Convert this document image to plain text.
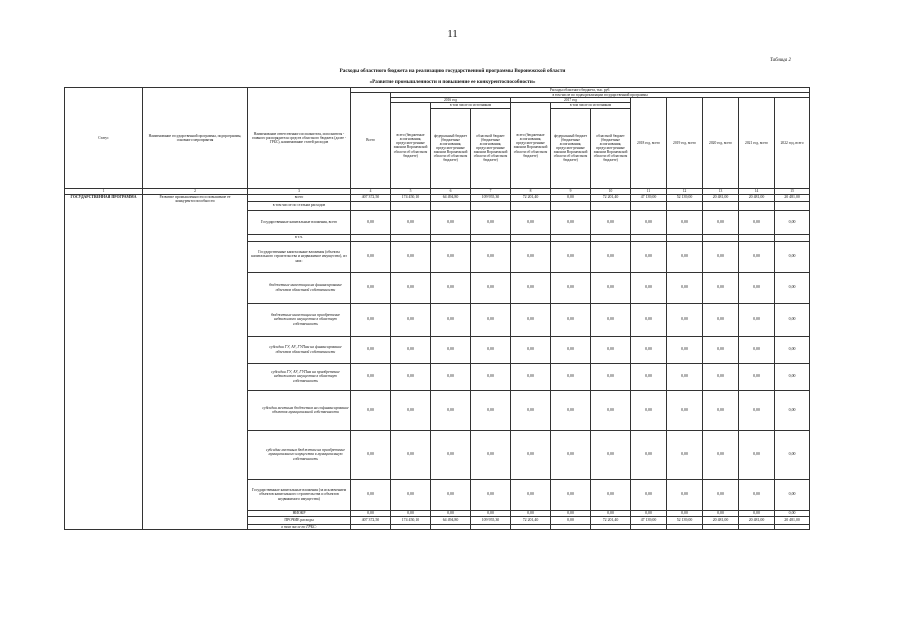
11
Таблица 2
Расходы областного бюджета на реализацию государственной программы Воронежской области
«Развитие промышленности и повышение ее конкурентоспособности»
Статус	Наименование государственной программы, подпрограммы, основного мероприятия	Наименование ответственного исполнителя, исполнителя - главного распорядителя средств областного бюджета (далее - ГРБС), наименование статей расходов	Расходы областного бюджета, тыс. руб.											
			Всего	в том числе по годам реализации государственной программы										
				2016 год			2017 год			2018 год, всего	2019 год, всего	2020 год, всего	2021 год, всего	2022 год, всего
				всего (бюджетные ассигнования, предусмот-ренные законом Воронежской области об областном бюджете)	в том числе по источникам		всего (бюджетные ассигнования, предусмот-ренные законом Воронежской области об областном бюджете)	в том числе по источникам						
					федеральный бюджет (бюджетные ассигнования, предусмот-ренные законом Воронежской области об областном бюджете)	областной бюджет (бюджетные ассигнования, предусмот-ренные законом Воронежской области об областном бюджете)		федеральный бюджет (бюджетные ассигнования, предусмот-ренные законом Воронежской области об областном бюджете)	областной бюджет (бюджетные ассигнования, предусмот-ренные законом Воронежской области об областном бюджете)					
1	2	3	4	5	6	7	8	9	10	11	12	13	14	15
ГОСУДАРСТВЕННАЯ ПРОГРАММА	Развитие промышленности и повышение ее конкурентоспособности	всего	407 372,50	174 450,10	64 494,80	109 955,30	72 201,40	0,00	72 201,40	47 139,00	52 139,00	20 481,00	20 481,00	20 481,00
		в том числе по статьям расходов												
		Государственные капитальные вложения, всего	0,00	0,00	0,00	0,00	0,00	0,00	0,00	0,00	0,00	0,00	0,00	0,00
		в т.ч.												
		Государственные капитальные вложения (объекты капитального строительства и недвижимое имущество), из них:	0,00	0,00	0,00	0,00	0,00	0,00	0,00	0,00	0,00	0,00	0,00	0,00
		бюджетные инвестиции на финансирование объектов областной собственности	0,00	0,00	0,00	0,00	0,00	0,00	0,00	0,00	0,00	0,00	0,00	0,00
		бюджетные инвестиции на приобретение недвижимого имущества в областную собственность	0,00	0,00	0,00	0,00	0,00	0,00	0,00	0,00	0,00	0,00	0,00	0,00
		субсидии ГУ, АУ, ГУПам на финансирование объектов областной собственности	0,00	0,00	0,00	0,00	0,00	0,00	0,00	0,00	0,00	0,00	0,00	0,00
		субсидии ГУ, АУ, ГУПам на приобретение недвижимого имущества в областную собственность	0,00	0,00	0,00	0,00	0,00	0,00	0,00	0,00	0,00	0,00	0,00	0,00
		субсидии местным бюджетам на софинансирование объектов муниципальной собственности	0,00	0,00	0,00	0,00	0,00	0,00	0,00	0,00	0,00	0,00	0,00	0,00
		субсидии местным бюджетам на приобретение муниципального имущества в муниципальную собственность	0,00	0,00	0,00	0,00	0,00	0,00	0,00	0,00	0,00	0,00	0,00	0,00
		Государственные капитальные вложения (за исключением объектов капитального строительства и объектов недвижимого имущества)	0,00	0,00	0,00	0,00	0,00	0,00	0,00	0,00	0,00	0,00	0,00	0,00
		НИОКР	0,00	0,00	0,00	0,00	0,00	0,00	0,00	0,00	0,00	0,00	0,00	0,00
		ПРОЧИЕ расходы	407 372,50	174 450,10	64 494,80	109 955,30	72 201,40	0,00	72 201,40	47 139,00	52 139,00	20 481,00	20 481,00	20 481,00
		в том числе по ГРБС:												
